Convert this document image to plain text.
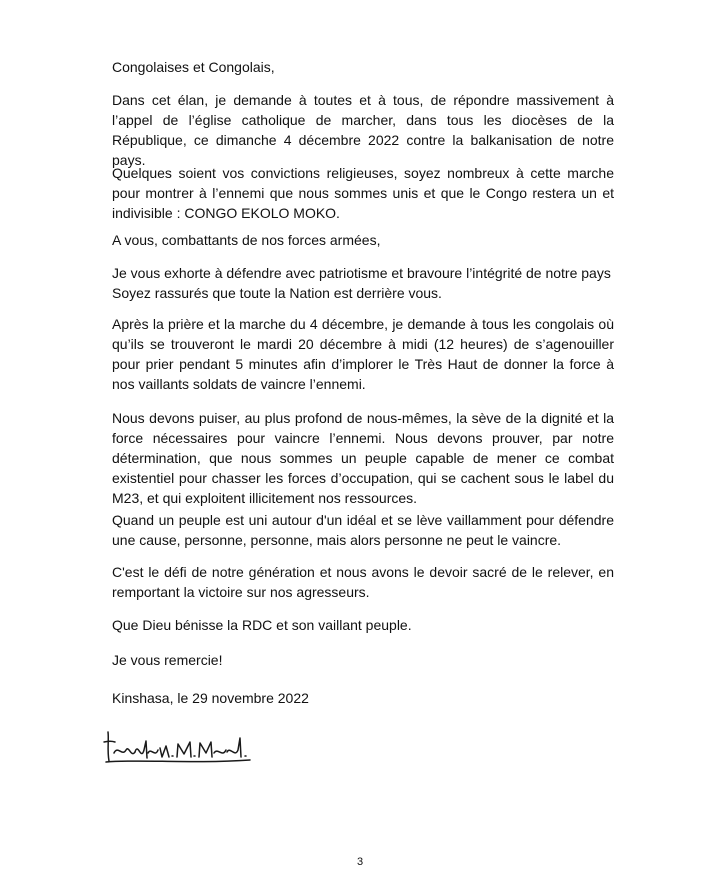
Congolaises et Congolais,
Dans cet élan, je demande à toutes et à tous, de répondre massivement à l’appel de l’église catholique de marcher, dans tous les diocèses de la République, ce dimanche 4 décembre 2022 contre la balkanisation de notre pays.
Quelques soient vos convictions religieuses, soyez nombreux à cette marche pour montrer à l’ennemi que nous sommes unis et que le Congo restera un et indivisible : CONGO EKOLO MOKO.
A vous, combattants de nos forces armées,
Je vous exhorte à défendre avec patriotisme et bravoure l’intégrité de notre pays Soyez rassurés que toute la Nation est derrière vous.
Après la prière et la marche du 4 décembre, je demande à tous les congolais où qu’ils se trouveront le mardi 20 décembre à midi (12 heures) de s’agenouiller pour prier pendant 5 minutes afin d’implorer le Très Haut de donner la force à nos vaillants soldats de vaincre l’ennemi.
Nous devons puiser, au plus profond de nous-mêmes, la sève de la dignité et la force nécessaires pour vaincre l’ennemi. Nous devons prouver, par notre détermination, que nous sommes un peuple capable de mener ce combat existentiel pour chasser les forces d’occupation, qui se cachent sous le label du M23, et qui exploitent illicitement nos ressources.
Quand un peuple est uni autour d'un idéal et se lève vaillamment pour défendre une cause, personne, personne, mais alors personne ne peut le vaincre.
C'est le défi de notre génération et nous avons le devoir sacré de le relever, en remportant la victoire sur nos agresseurs.
Que Dieu bénisse la RDC et son vaillant peuple.
Je vous remercie!
Kinshasa, le 29 novembre 2022
3
